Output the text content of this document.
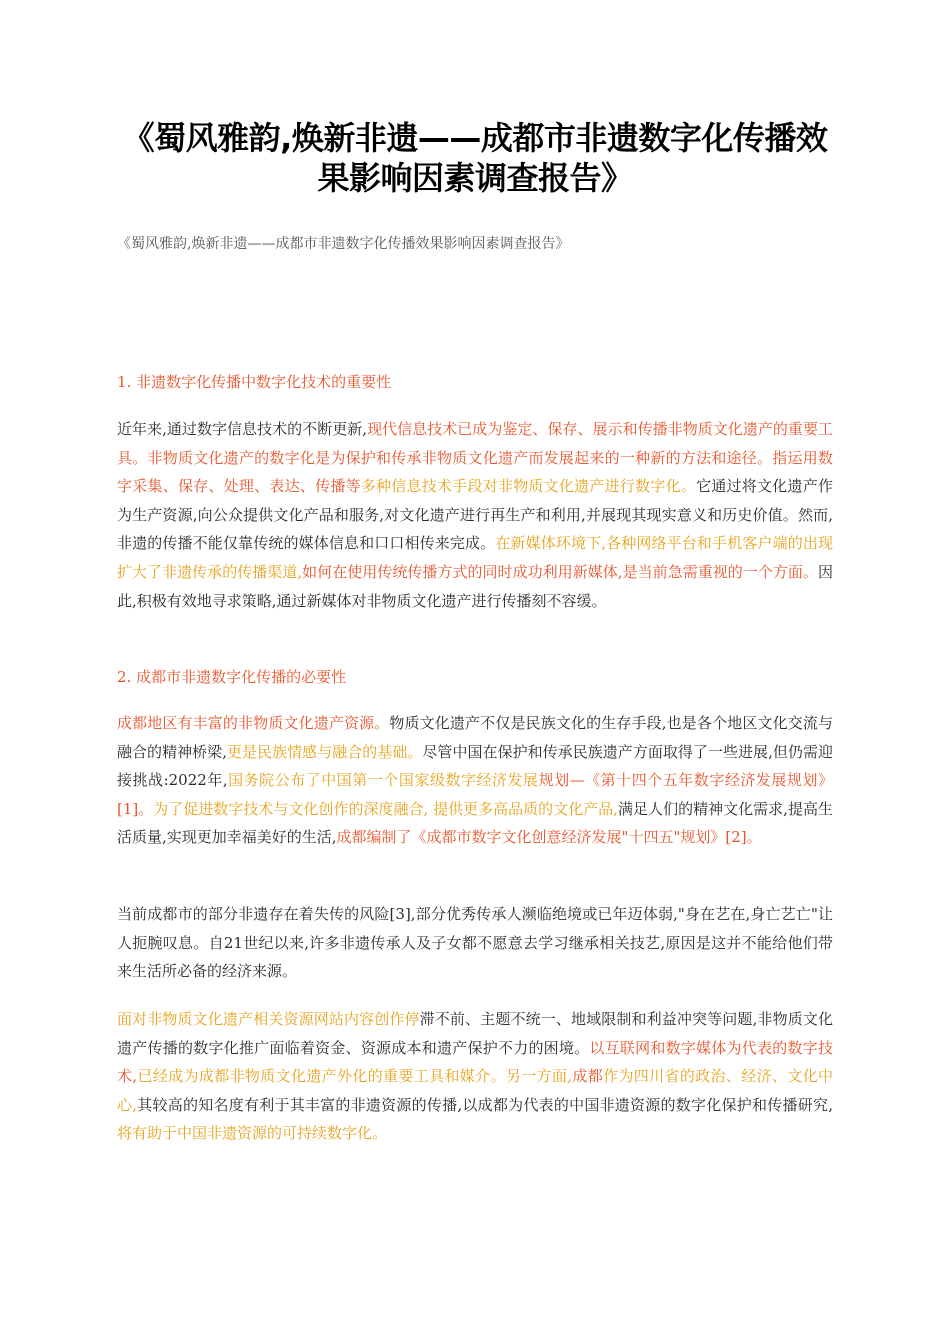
《蜀风雅韵,焕新非遗——成都市非遗数字化传播效果影响因素调查报告》
《蜀风雅韵,焕新非遗——成都市非遗数字化传播效果影响因素调查报告》
1. 非遗数字化传播中数字化技术的重要性
近年来,通过数字信息技术的不断更新,现代信息技术已成为鉴定、保存、展示和传播非物质文化遗产的重要工具。非物质文化遗产的数字化是为保护和传承非物质文化遗产而发展起来的一种新的方法和途径。指运用数字采集、保存、处理、表达、传播等多种信息技术手段对非物质文化遗产进行数字化。它通过将文化遗产作为生产资源,向公众提供文化产品和服务,对文化遗产进行再生产和利用,并展现其现实意义和历史价值。然而,非遗的传播不能仅靠传统的媒体信息和口口相传来完成。在新媒体环境下,各种网络平台和手机客户端的出现扩大了非遗传承的传播渠道,如何在使用传统传播方式的同时成功利用新媒体,是当前急需重视的一个方面。因此,积极有效地寻求策略,通过新媒体对非物质文化遗产进行传播刻不容缓。
2. 成都市非遗数字化传播的必要性
成都地区有丰富的非物质文化遗产资源。物质文化遗产不仅是民族文化的生存手段,也是各个地区文化交流与融合的精神桥梁,更是民族情感与融合的基础。尽管中国在保护和传承民族遗产方面取得了一些进展,但仍需迎接挑战:2022年,国务院公布了中国第一个国家级数字经济发展规划—《第十四个五年数字经济发展规划》[1]。为了促进数字技术与文化创作的深度融合, 提供更多高品质的文化产品,满足人们的精神文化需求,提高生活质量,实现更加幸福美好的生活,成都编制了《成都市数字文化创意经济发展"十四五"规划》[2]。
当前成都市的部分非遗存在着失传的风险[3],部分优秀传承人濒临绝境或已年迈体弱,"身在艺在,身亡艺亡"让人扼腕叹息。自21世纪以来,许多非遗传承人及子女都不愿意去学习继承相关技艺,原因是这并不能给他们带来生活所必备的经济来源。
面对非物质文化遗产相关资源网站内容创作停滞不前、主题不统一、地域限制和利益冲突等问题,非物质文化遗产传播的数字化推广面临着资金、资源成本和遗产保护不力的困境。以互联网和数字媒体为代表的数字技术,已经成为成都非物质文化遗产外化的重要工具和媒介。另一方面,成都作为四川省的政治、经济、文化中心,其较高的知名度有利于其丰富的非遗资源的传播,以成都为代表的中国非遗资源的数字化保护和传播研究,将有助于中国非遗资源的可持续数字化。
